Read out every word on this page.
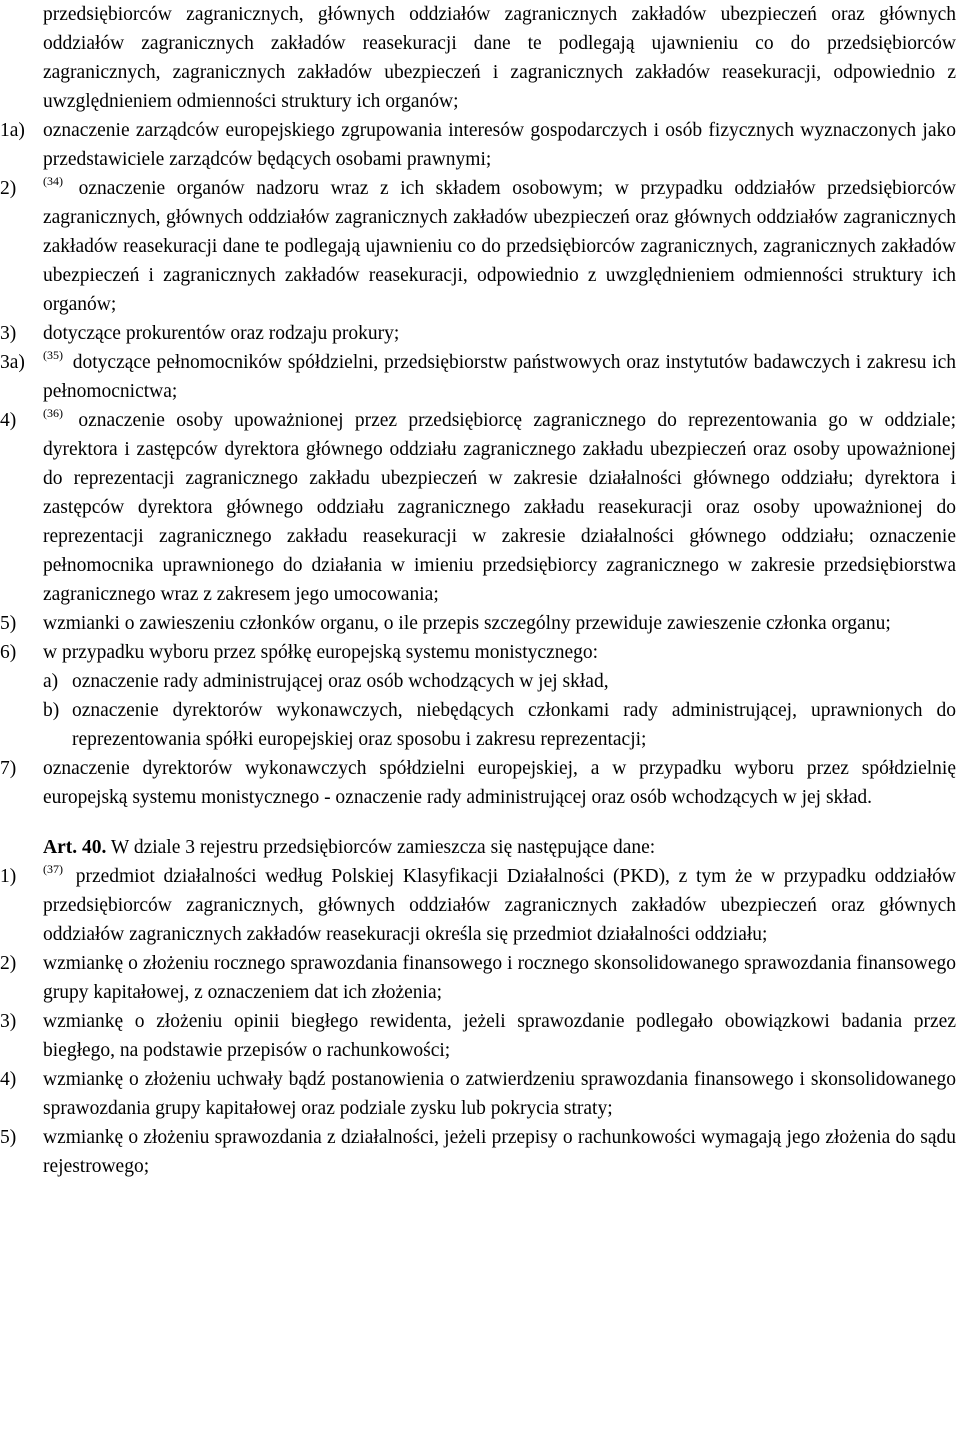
przedsiębiorców zagranicznych, głównych oddziałów zagranicznych zakładów ubezpieczeń oraz głównych oddziałów zagranicznych zakładów reasekuracji dane te podlegają ujawnieniu co do przedsiębiorców zagranicznych, zagranicznych zakładów ubezpieczeń i zagranicznych zakładów reasekuracji, odpowiednio z uwzględnieniem odmienności struktury ich organów;
1a) oznaczenie zarządców europejskiego zgrupowania interesów gospodarczych i osób fizycznych wyznaczonych jako przedstawiciele zarządców będących osobami prawnymi;
2) $^{(34)}$ oznaczenie organów nadzoru wraz z ich składem osobowym; w przypadku oddziałów przedsiębiorców zagranicznych, głównych oddziałów zagranicznych zakładów ubezpieczeń oraz głównych oddziałów zagranicznych zakładów reasekuracji dane te podlegają ujawnieniu co do przedsiębiorców zagranicznych, zagranicznych zakładów ubezpieczeń i zagranicznych zakładów reasekuracji, odpowiednio z uwzględnieniem odmienności struktury ich organów;
3) dotyczące prokurentów oraz rodzaju prokury;
3a) $^{(35)}$ dotyczące pełnomocników spółdzielni, przedsiębiorstw państwowych oraz instytutów badawczych i zakresu ich pełnomocnictwa;
4) $^{(36)}$ oznaczenie osoby upoważnionej przez przedsiębiorcę zagranicznego do reprezentowania go w oddziale; dyrektora i zastępców dyrektora głównego oddziału zagranicznego zakładu ubezpieczeń oraz osoby upoważnionej do reprezentacji zagranicznego zakładu ubezpieczeń w zakresie działalności głównego oddziału; dyrektora i zastępców dyrektora głównego oddziału zagranicznego zakładu reasekuracji oraz osoby upoważnionej do reprezentacji zagranicznego zakładu reasekuracji w zakresie działalności głównego oddziału; oznaczenie pełnomocnika uprawnionego do działania w imieniu przedsiębiorcy zagranicznego w zakresie przedsiębiorstwa zagranicznego wraz z zakresem jego umocowania;
5) wzmianki o zawieszeniu członków organu, o ile przepis szczególny przewiduje zawieszenie członka organu;
6) w przypadku wyboru przez spółkę europejską systemu monistycznego:
a) oznaczenie rady administrującej oraz osób wchodzących w jej skład,
b) oznaczenie dyrektorów wykonawczych, niebędących członkami rady administrującej, uprawnionych do reprezentowania spółki europejskiej oraz sposobu i zakresu reprezentacji;
7) oznaczenie dyrektorów wykonawczych spółdzielni europejskiej, a w przypadku wyboru przez spółdzielnię europejską systemu monistycznego - oznaczenie rady administrującej oraz osób wchodzących w jej skład.
Art. 40. W dziale 3 rejestru przedsiębiorców zamieszcza się następujące dane:
1) $^{(37)}$ przedmiot działalności według Polskiej Klasyfikacji Działalności (PKD), z tym że w przypadku oddziałów przedsiębiorców zagranicznych, głównych oddziałów zagranicznych zakładów ubezpieczeń oraz głównych oddziałów zagranicznych zakładów reasekuracji określa się przedmiot działalności oddziału;
2) wzmiankę o złożeniu rocznego sprawozdania finansowego i rocznego skonsolidowanego sprawozdania finansowego grupy kapitałowej, z oznaczeniem dat ich złożenia;
3) wzmiankę o złożeniu opinii biegłego rewidenta, jeżeli sprawozdanie podlegało obowiązkowi badania przez biegłego, na podstawie przepisów o rachunkowości;
4) wzmiankę o złożeniu uchwały bądź postanowienia o zatwierdzeniu sprawozdania finansowego i skonsolidowanego sprawozdania grupy kapitałowej oraz podziale zysku lub pokrycia straty;
5) wzmiankę o złożeniu sprawozdania z działalności, jeżeli przepisy o rachunkowości wymagają jego złożenia do sądu rejestrowego;
